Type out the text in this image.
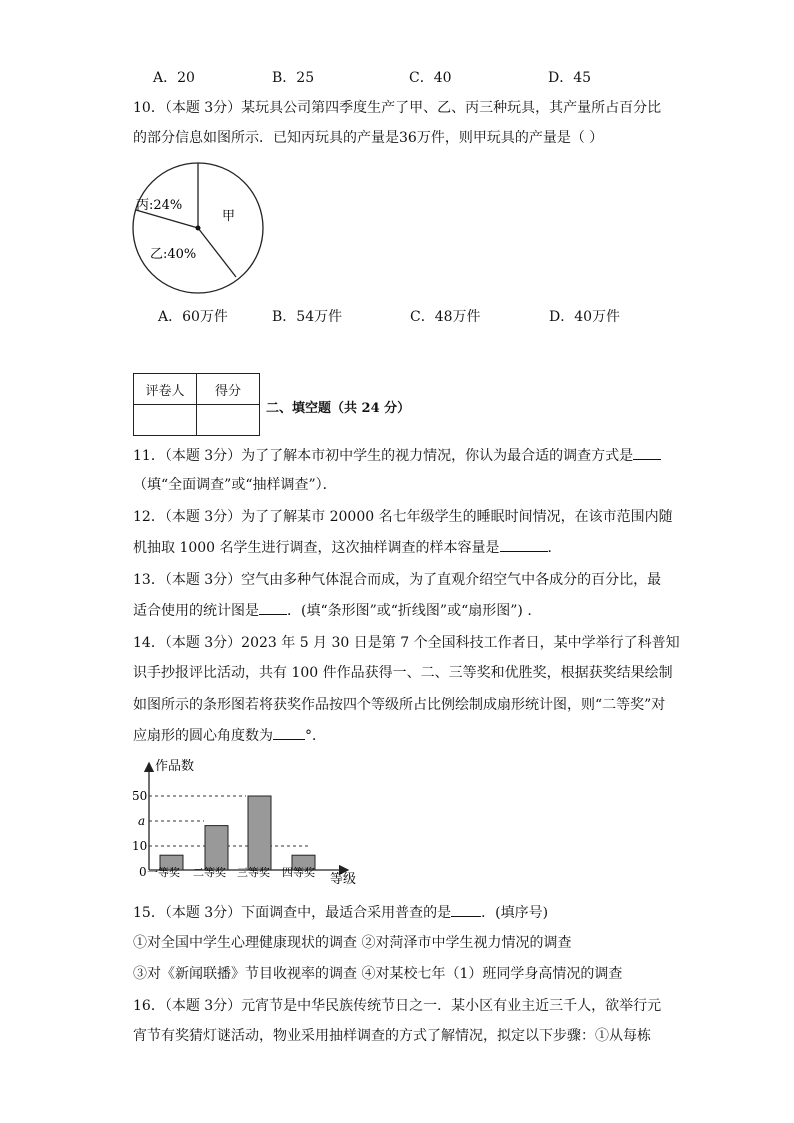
A．20	B．25	C．40	D．45
10．（本题 3分）某玩具公司第四季度生产了甲、乙、丙三种玩具，其产量所占百分比
的部分信息如图所示．已知丙玩具的产量是36万件，则甲玩具的产量是（ ）
丙:24%
甲
乙:40%
A．60万件	B．54万件	C．48万件	D．40万件
评卷人	得分

二、填空题（共 24 分）
11．（本题 3分）为了了解本市初中学生的视力情况，你认为最合适的调查方式是
（填“全面调查”或“抽样调查”）．
12．（本题 3分）为了了解某市 20000 名七年级学生的睡眠时间情况，在该市范围内随
机抽取 1000 名学生进行调查，这次抽样调查的样本容量是	．
13．（本题 3分）空气由多种气体混合而成，为了直观介绍空气中各成分的百分比，最
适合使用的统计图是 ．(填“条形图”或“折线图”或“扇形图”) .
14．（本题 3分）2023 年 5 月 30 日是第 7 个全国科技工作者日，某中学举行了科普知
识手抄报评比活动，共有 100 件作品获得一、二、三等奖和优胜奖，根据获奖结果绘制
如图所示的条形图若将获奖作品按四个等级所占比例绘制成扇形统计图，则“二等奖”对
应扇形的圆心角度数为 °．
作品数
50
a
10
0 一等奖 二等奖 三等奖 四等奖 等级
15．（本题 3分）下面调查中，最适合采用普查的是 ．(填序号)
①对全国中学生心理健康现状的调查 ②对菏泽市中学生视力情况的调查
③对《新闻联播》节目收视率的调查 ④对某校七年（1）班同学身高情况的调查
16．（本题 3分）元宵节是中华民族传统节日之一．某小区有业主近三千人，欲举行元
宵节有奖猜灯谜活动，物业采用抽样调查的方式了解情况，拟定以下步骤：①从每栋
